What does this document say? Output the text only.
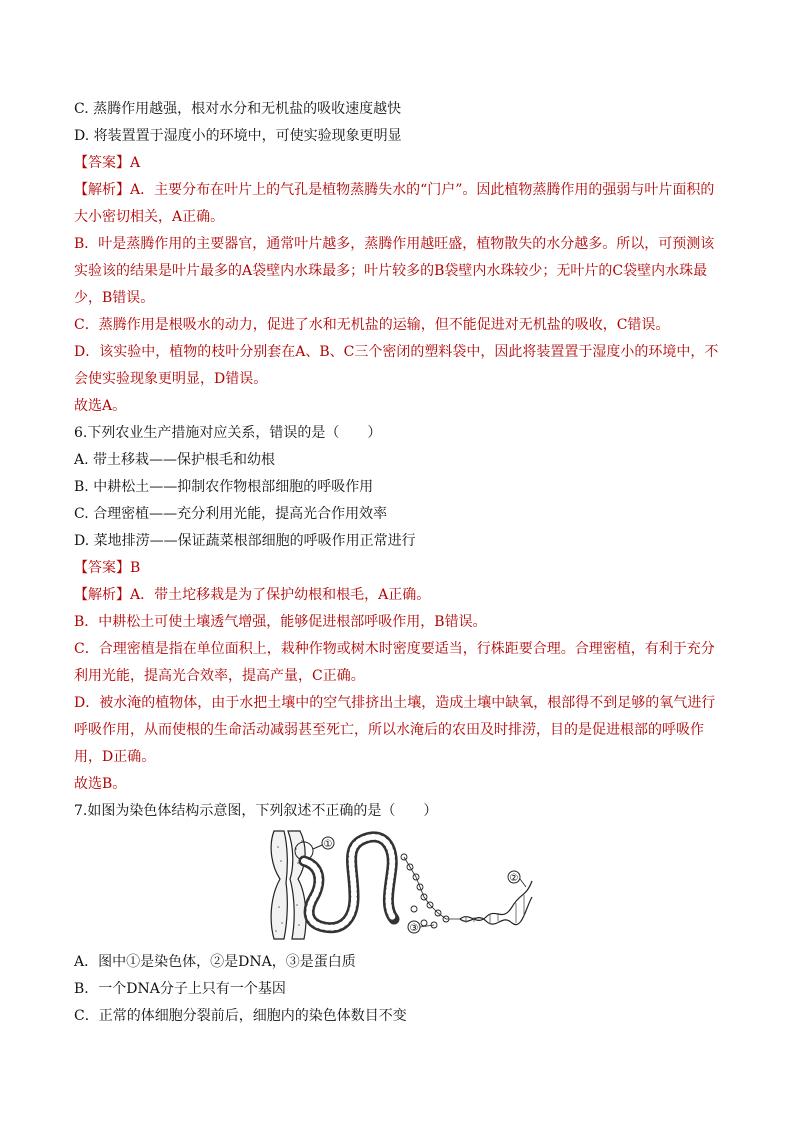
C. 蒸腾作用越强，根对水分和无机盐的吸收速度越快
D. 将装置置于湿度小的环境中，可使实验现象更明显
【答案】A
【解析】A．主要分布在叶片上的气孔是植物蒸腾失水的“门户”。因此植物蒸腾作用的强弱与叶片面积的大小密切相关，A正确。
B．叶是蒸腾作用的主要器官，通常叶片越多，蒸腾作用越旺盛，植物散失的水分越多。所以，可预测该实验该的结果是叶片最多的A袋壁内水珠最多；叶片较多的B袋壁内水珠较少；无叶片的C袋壁内水珠最少，B错误。
C．蒸腾作用是根吸水的动力，促进了水和无机盐的运输，但不能促进对无机盐的吸收，C错误。
D．该实验中，植物的枝叶分别套在A、B、C三个密闭的塑料袋中，因此将装置置于湿度小的环境中，不会使实验现象更明显，D错误。
故选A。
6.下列农业生产措施对应关系，错误的是（　　）
A. 带土移栽——保护根毛和幼根
B. 中耕松土——抑制农作物根部细胞的呼吸作用
C. 合理密植——充分利用光能，提高光合作用效率
D. 菜地排涝——保证蔬菜根部细胞的呼吸作用正常进行
【答案】B
【解析】A．带土坨移栽是为了保护幼根和根毛，A正确。
B．中耕松土可使土壤透气增强，能够促进根部呼吸作用，B错误。
C．合理密植是指在单位面积上，栽种作物或树木时密度要适当，行株距要合理。合理密植，有利于充分利用光能，提高光合效率，提高产量，C正确。
D．被水淹的植物体，由于水把土壤中的空气排挤出土壤，造成土壤中缺氧，根部得不到足够的氧气进行呼吸作用，从而使根的生命活动减弱甚至死亡，所以水淹后的农田及时排涝，目的是促进根部的呼吸作用，D正确。
故选B。
7.如图为染色体结构示意图，下列叙述不正确的是（　　）
①
②
③
A．图中①是染色体，②是DNA，③是蛋白质
B．一个DNA分子上只有一个基因
C．正常的体细胞分裂前后，细胞内的染色体数目不变
